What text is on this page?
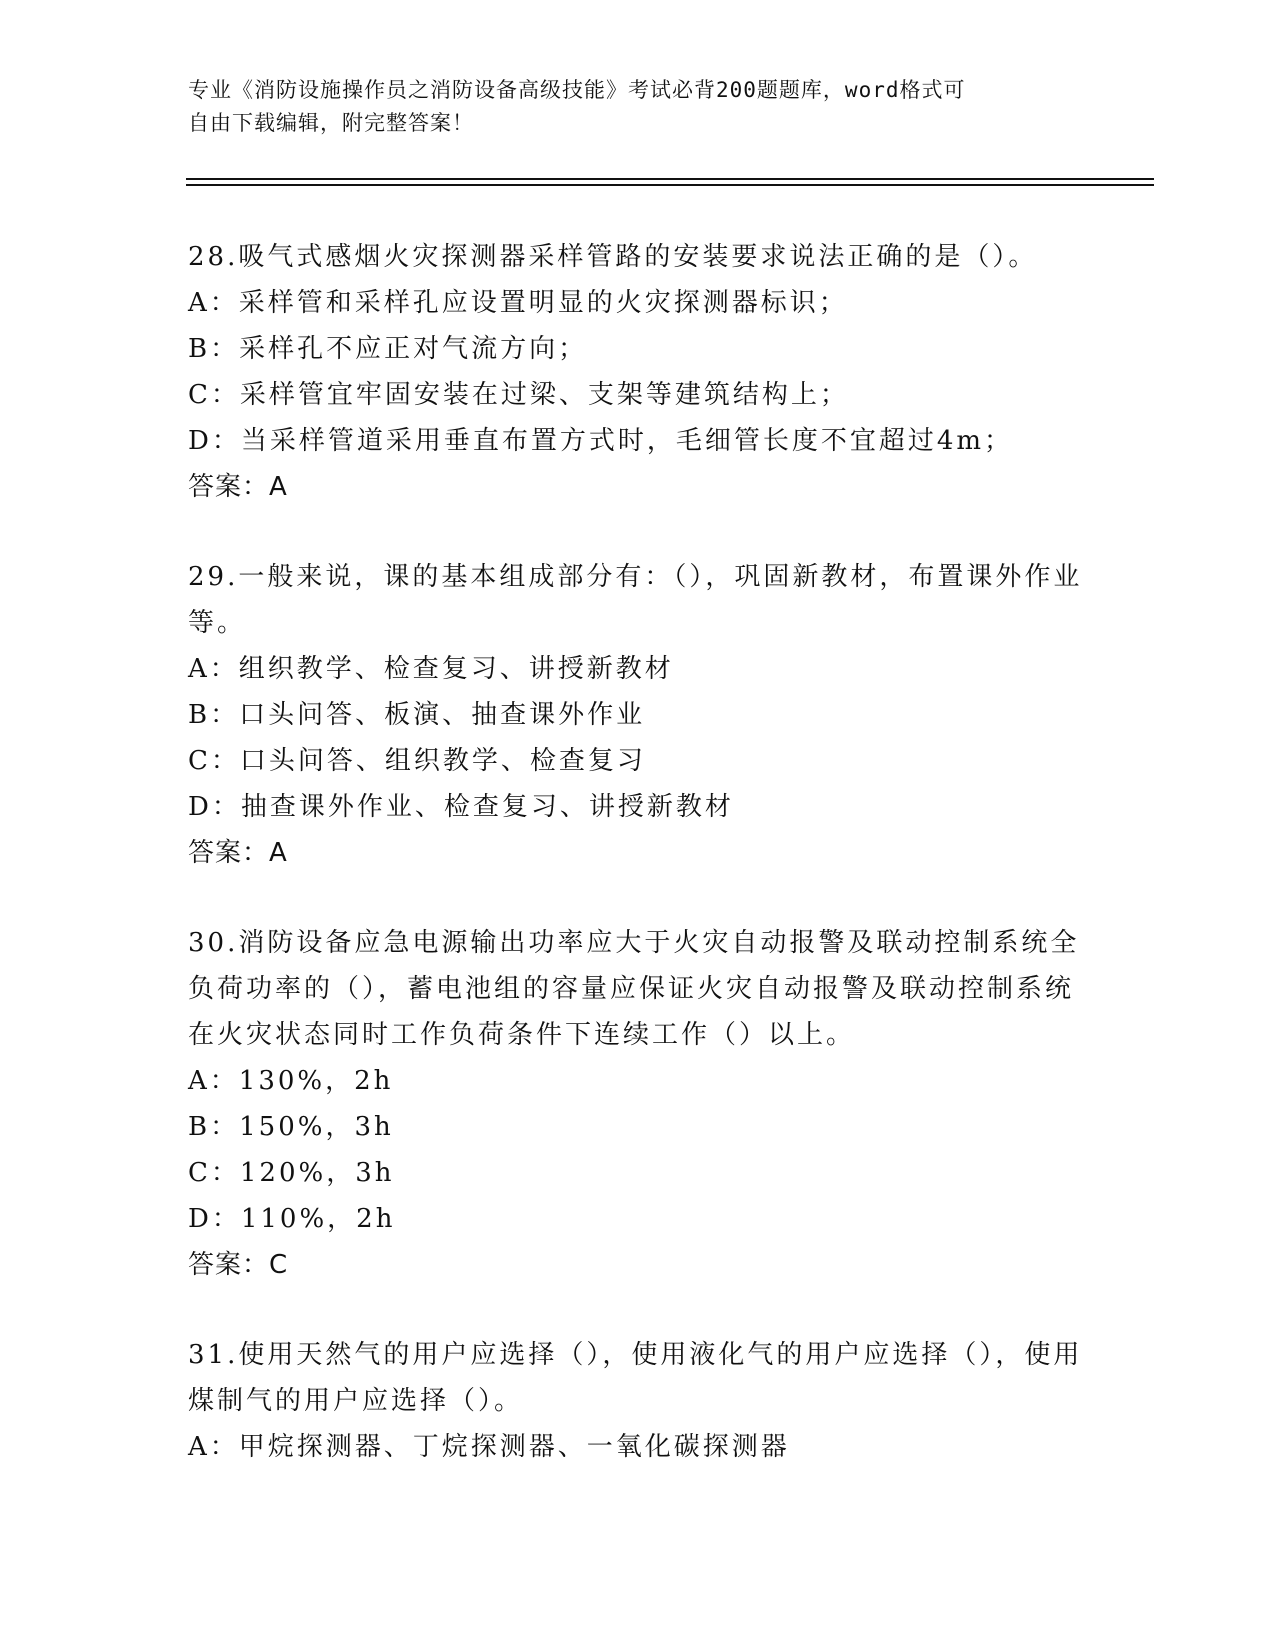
专业《消防设施操作员之消防设备高级技能》考试必背200题题库，word格式可
自由下载编辑，附完整答案！
28.吸气式感烟火灾探测器采样管路的安装要求说法正确的是（）。
A：采样管和采样孔应设置明显的火灾探测器标识；
B：采样孔不应正对气流方向；
C：采样管宜牢固安装在过梁、支架等建筑结构上；
D：当采样管道采用垂直布置方式时，毛细管长度不宜超过4m；
答案：A
29.一般来说，课的基本组成部分有：（），巩固新教材，布置课外作业等。
A：组织教学、检查复习、讲授新教材
B：口头问答、板演、抽查课外作业
C：口头问答、组织教学、检查复习
D：抽查课外作业、检查复习、讲授新教材
答案：A
30.消防设备应急电源输出功率应大于火灾自动报警及联动控制系统全负荷功率的（），蓄电池组的容量应保证火灾自动报警及联动控制系统在火灾状态同时工作负荷条件下连续工作（）以上。
A：130%，2h
B：150%，3h
C：120%，3h
D：110%，2h
答案：C
31.使用天然气的用户应选择（），使用液化气的用户应选择（），使用煤制气的用户应选择（）。
A：甲烷探测器、丁烷探测器、一氧化碳探测器
